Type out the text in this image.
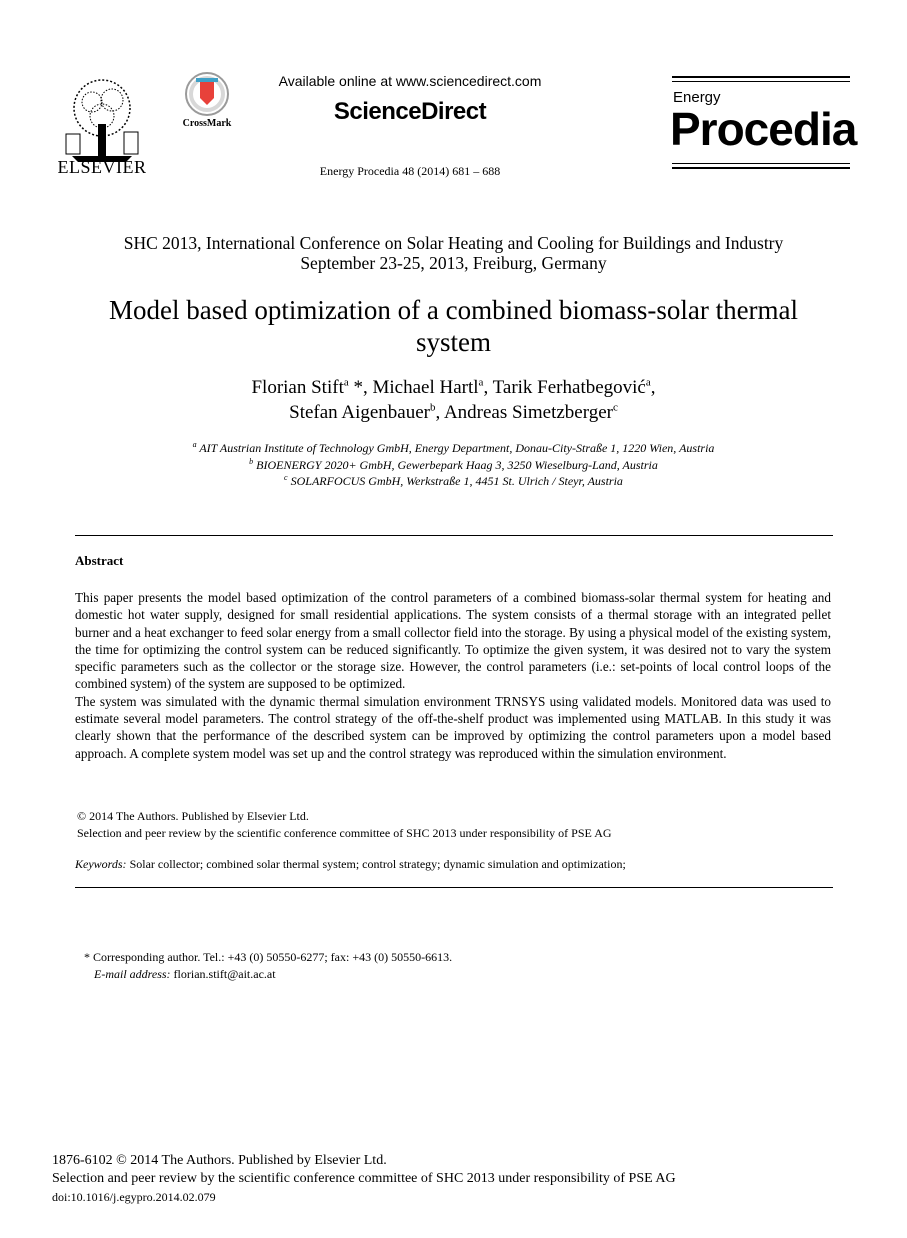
ELSEVIER
CrossMark
Available online at www.sciencedirect.com
ScienceDirect
Energy Procedia 48 (2014) 681 – 688
Energy
Procedia
SHC 2013, International Conference on Solar Heating and Cooling for Buildings and Industry
September 23-25, 2013, Freiburg, Germany
Model based optimization of a combined biomass-solar thermal
system
Florian Stift$^a$ *, Michael Hartl$^a$, Tarik Ferhatbegović$^a$,
Stefan Aigenbauer$^b$, Andreas Simetzberger$^c$
$^a$ AIT Austrian Institute of Technology GmbH, Energy Department, Donau-City-Straße 1, 1220 Wien, Austria
$^b$ BIOENERGY 2020+ GmbH, Gewerbepark Haag 3, 3250 Wieselburg-Land, Austria
$^c$ SOLARFOCUS GmbH, Werkstraße 1, 4451 St. Ulrich / Steyr, Austria
Abstract

This paper presents the model based optimization of the control parameters of a combined biomass-solar thermal system for heating and domestic hot water supply, designed for small residential applications. The system consists of a thermal storage with an integrated pellet burner and a heat exchanger to feed solar energy from a small collector field into the storage. By using a physical model of the existing system, the time for optimizing the control system can be reduced significantly. To optimize the given system, it was desired not to vary the system specific parameters such as the collector or the storage size. However, the control parameters (i.e.: set-points of local control loops of the combined system) of the system are supposed to be optimized.

The system was simulated with the dynamic thermal simulation environment TRNSYS using validated models. Monitored data was used to estimate several model parameters. The control strategy of the off-the-shelf product was implemented using MATLAB. In this study it was clearly shown that the performance of the described system can be improved by optimizing the control parameters upon a model based approach. A complete system model was set up and the control strategy was reproduced within the simulation environment.

© 2014 The Authors. Published by Elsevier Ltd.
Selection and peer review by the scientific conference committee of SHC 2013 under responsibility of PSE AG
Keywords: Solar collector; combined solar thermal system; control strategy; dynamic simulation and optimization;
* Corresponding author. Tel.: +43 (0) 50550-6277; fax: +43 (0) 50550-6613.
E-mail address: florian.stift@ait.ac.at
1876-6102 © 2014 The Authors. Published by Elsevier Ltd.
Selection and peer review by the scientific conference committee of SHC 2013 under responsibility of PSE AG
doi:10.1016/j.egypro.2014.02.079
